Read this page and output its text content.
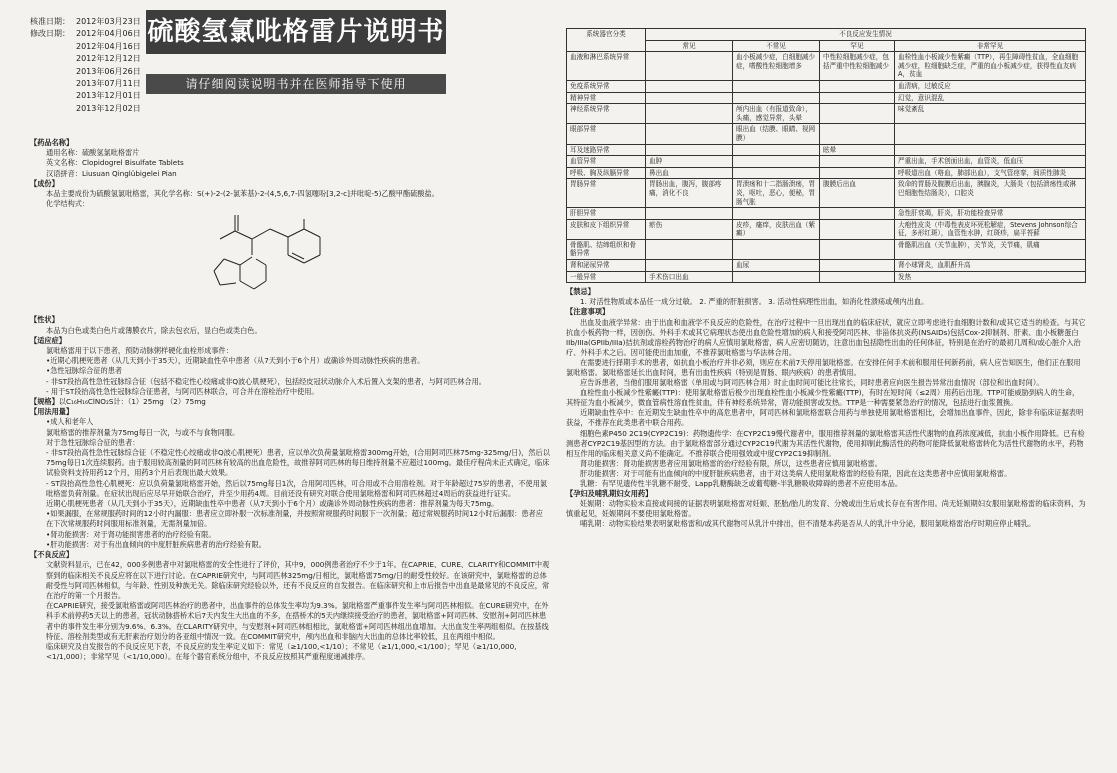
核准日期： 2012年03月23日
修改日期： 2012年04月06日
2012年04月16日
2012年12月12日
2013年06月26日
2013年07月11日
2013年12月01日
2013年12月02日
硫酸氢氯吡格雷片说明书
请仔细阅读说明书并在医师指导下使用
【药品名称】

通用名称：硫酸氢氯吡格雷片

英文名称：Clopidogrel Bisulfate Tablets

汉语拼音：Liusuan Qinglübigelei Pian

【成份】

本品主要成份为硫酸氢氯吡格雷，其化学名称：S(+)-2-(2-氯苯基)-2-(4,5,6,7-四氢噻吩[3,2-c]并吡啶-5)乙酸甲酯硫酸盐。

化学结构式：

【性状】

本品为白色或类白色片或薄膜衣片，除去包衣后，显白色或类白色。

【适应症】

氯吡格雷用于以下患者，预防动脉粥样硬化血栓形成事件：

•近期心肌梗死患者（从几天到小于35天），近期缺血性卒中患者（从7天到小于6个月）或确诊外周动脉性疾病的患者。

•急性冠脉综合征的患者

- 非ST段抬高性急性冠脉综合征（包括不稳定性心绞痛或非Q波心肌梗死），包括经皮冠状动脉介入术后置入支架的患者，与阿司匹林合用。

- 用于ST段抬高性急性冠脉综合征患者，与阿司匹林联合，可合并在溶栓治疗中使用。

【规格】以C₁₆H₁₆ClNO₂S计：（1）25mg （2）75mg

【用法用量】

•成人和老年人

氯吡格雷的推荐剂量为75mg每日一次，与或不与食物同服。

对于急性冠脉综合征的患者：

- 非ST段抬高性急性冠脉综合征（不稳定性心绞痛或非Q波心肌梗死）患者，应以单次负荷量氯吡格雷300mg开始，(合用阿司匹林75mg-325mg/日)，然后以75mg每日1次连续服药。由于服用较高剂量的阿司匹林有较高的出血危险性，故推荐阿司匹林的每日维持剂量不应超过100mg。最佳疗程尚未正式确定，临床试验资料支持用药12个月，用药3个月后表现出最大效果。

- ST段抬高性急性心肌梗死：应以负荷量氯吡格雷开始，然后以75mg每日1次，合用阿司匹林，可合用或不合用溶栓剂。对于年龄超过75岁的患者，不使用氯吡格雷负荷剂量。在症状出现后应尽早开始联合治疗，并至少用药4周。目前还没有研究对联合使用氯吡格雷和阿司匹林超过4周后的获益进行证实。

近期心肌梗死患者（从几天到小于35天），近期缺血性卒中患者（从7天到小于6个月）或确诊外周动脉性疾病的患者：推荐剂量为每天75mg。

•如果漏服，在常规服药时间的12小时内漏服：患者应立即补服一次标准剂量，并按照常规服药时间服下一次剂量；超过常规服药时间12小时后漏服：患者应在下次常规服药时间服用标准剂量，无需剂量加倍。

•肾功能损害：对于肾功能损害患者的治疗经验有限。

•肝功能损害：对于有出血倾向的中度肝脏疾病患者的治疗经验有限。

【不良反应】

文献资料显示，已在42，000多例患者中对氯吡格雷的安全性进行了评价，其中9，000例患者治疗不少于1年。在CAPRIE、CURE、CLARITY和COMMIT中观察到的临床相关不良反应将在以下进行讨论。在CAPRIE研究中，与阿司匹林325mg/日相比，氯吡格雷75mg/日的耐受性较好。在该研究中，氯吡格雷的总体耐受性与阿司匹林相似，与年龄、性别及种族无关。除临床研究经验以外，还有不良反应的自发报告。在临床研究和上市后报告中出血是最常见的不良反应，常在治疗的第一个月报告。

在CAPRIE研究，接受氯吡格雷或阿司匹林治疗的患者中，出血事件的总体发生率均为9.3%。氯吡格雷严重事件发生率与阿司匹林相似。在CURE研究中，在外科手术前停药5天以上的患者，冠状动脉搭桥术后7天内发生大出血的不多，在搭桥术的5天内继续接受治疗的患者，氯吡格雷+阿司匹林、安慰剂+阿司匹林患者中的事件发生率分别为9.6%、6.3%。在CLARITY研究中，与安慰剂+阿司匹林组相比，氯吡格雷+阿司匹林组出血增加。大出血发生率两组相似。在按基线特征、溶栓剂类型或有无肝素治疗划分的各亚组中情况一致。在COMMIT研究中，颅内出血和非脑内大出血的总体比率较低，且在两组中相似。

临床研究及自发报告的不良反应见下表，不良反应的发生率定义如下：常见（≥1/100,<1/10）；不常见（≥1/1,000,<1/100）；罕见（≥1/10,000,<1/1,000）；非常罕见（<1/10,000）。在每个器官系统分组中，不良反应按照其严重程度递减排序。

系统器官分类	不良反应发生情况			
	常见	不常见	罕见	非常罕见
血液和淋巴系统异常		血小板减少症，白细胞减少症，嗜酸性粒细胞增多	中性粒细胞减少症，包括严重中性粒细胞减少	血栓性血小板减少性紫癜（TTP），再生障碍性贫血，全血细胞减少症，粒细胞缺乏症，严重的血小板减少症，获得性血友病A，贫血
免疫系统异常				血清病，过敏反应
精神异常				幻觉，意识混乱
神经系统异常		颅内出血（有报道致命），头痛，感觉异常，头晕		味觉紊乱
眼部异常		眼出血（结膜、眼睛、视网膜）		
耳及迷路异常			眩晕	
血管异常	血肿			严重出血，手术创面出血，血管炎，低血压
呼吸、胸及纵膈异常	鼻出血			呼吸道出血（咯血，肺部出血），支气管痉挛，间质性肺炎
胃肠异常	胃肠出血，腹泻，腹部疼痛，消化不良	胃溃疡和十二指肠溃疡，胃炎，呕吐，恶心，便秘，胃肠气胀	腹膜后出血	致命的胃肠及腹膜后出血，胰腺炎，大肠炎（包括溃疡性或淋巴细胞性结肠炎），口腔炎
肝胆异常				急性肝衰竭，肝炎，肝功能检查异常
皮肤和皮下组织异常	瘀伤	皮疹，瘙痒，皮肤出血（紫癜）		大疱性皮炎（中毒性表皮坏死松解症，Stevens Johnson综合征，多形红斑），血管性水肿，红斑疹，扁平苔藓
骨骼肌、结缔组织和骨骼异常				骨骼肌出血（关节血肿），关节炎，关节痛，肌痛
肾和泌尿异常		血尿		肾小球肾炎，血肌酐升高
一般异常	手术伤口出血			发热
【禁忌】

1. 对活性物质或本品任一成分过敏。 2. 严重的肝脏损害。 3. 活动性病理性出血，如消化性溃疡或颅内出血。

【注意事项】

出血及血液学异常：由于出血和血液学不良反应的危险性，在治疗过程中一旦出现出血的临床症状，就应立即考虑进行血细胞计数和/或其它适当的检查。与其它抗血小板药物一样，因创伤、外科手术或其它病理状态使出血危险性增加的病人和接受阿司匹林、非甾体抗炎药(NSAIDs)包括Cox-2抑制剂、肝素、血小板糖蛋白IIb/IIIa(GPIIb/IIIa)拮抗剂或溶栓药物治疗的病人应慎用氯吡格雷，病人应密切随访，注意出血包括隐性出血的任何体征，特别是在治疗的最初几周和/或心脏介入治疗、外科手术之后。因可能使出血加重，不推荐氯吡格雷与华法林合用。

在需要进行择期手术的患者，如抗血小板治疗并非必须，则应在术前7天停用氯吡格雷。在安排任何手术前和服用任何新药前，病人应告知医生，他们正在服用氯吡格雷。氯吡格雷延长出血时间，患有出血性疾病（特别是胃肠、眼内疾病）的患者慎用。

应告诉患者，当他们服用氯吡格雷（单用或与阿司匹林合用）时止血时间可能比往常长，同时患者应向医生报告异常出血情况（部位和出血时间）。

血栓性血小板减少性紫癜(TTP)：使用氯吡格雷后极少出现血栓性血小板减少性紫癜(TTP)，有时在短时间（≤2周）用药后出现。TTP可能威胁到病人的生命，其特征为血小板减少，微血管病性溶血性贫血，伴有神经系统异常，肾功能损害或发热。TTP是一种需要紧急治疗的情况，包括进行血浆置换。

近期缺血性卒中：在近期发生缺血性卒中的高危患者中，阿司匹林和氯吡格雷联合用药与单独使用氯吡格雷相比，会增加出血事件，因此，除非有临床证据表明获益，不推荐在此类患者中联合用药。

细胞色素P450 2C19(CYP2C19)：药物遗传学：在CYP2C19慢代谢者中，服用推荐剂量的氯吡格雷其活性代谢物的血药浓度减低，抗血小板作用降低。已有检测患者CYP2C19基因型的方法。由于氯吡格雷部分通过CYP2C19代谢为其活性代谢物，使用抑制此酶活性的药物可能降低氯吡格雷转化为活性代谢物的水平，药物相互作用的临床相关意义尚不能确定。不推荐联合使用强效或中度CYP2C19抑制剂。

肾功能损害：肾功能损害患者应用氯吡格雷的治疗经验有限，所以，这些患者应慎用氯吡格雷。

肝功能损害：对于可能有出血倾向的中度肝脏疾病患者，由于对这类病人使用氯吡格雷的经验有限，因此在这类患者中应慎用氯吡格雷。

乳糖：有罕见遗传性半乳糖不耐受、Lapp乳糖酶缺乏或葡萄糖-半乳糖吸收障碍的患者不应使用本品。

【孕妇及哺乳期妇女用药】

妊娠期：动物实验未直接或间接的证据表明氯吡格雷对妊娠、胚胎/胎儿的发育、分娩或出生后成长存在有害作用。尚无妊娠期妇女服用氯吡格雷的临床资料，为慎重起见，妊娠期间不要使用氯吡格雷。

哺乳期：动物实验结果表明氯吡格雷和/或其代谢物可从乳汁中排出，但不清楚本药是否从人的乳汁中分泌，服用氯吡格雷治疗时期应停止哺乳。
